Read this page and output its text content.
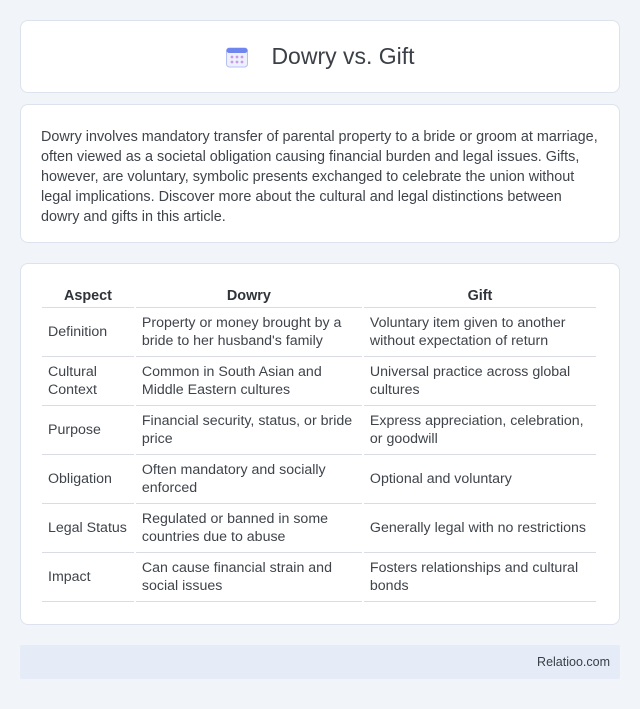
Dowry vs. Gift

Dowry involves mandatory transfer of parental property to a bride or groom at marriage, often viewed as a societal obligation causing financial burden and legal issues. Gifts, however, are voluntary, symbolic presents exchanged to celebrate the union without legal implications. Discover more about the cultural and legal distinctions between dowry and gifts in this article.

Aspect	Dowry	Gift
Definition	Property or money brought by a bride to her husband's family	Voluntary item given to another without expectation of return
Cultural Context	Common in South Asian and Middle Eastern cultures	Universal practice across global cultures
Purpose	Financial security, status, or bride price	Express appreciation, celebration, or goodwill
Obligation	Often mandatory and socially enforced	Optional and voluntary
Legal Status	Regulated or banned in some countries due to abuse	Generally legal with no restrictions
Impact	Can cause financial strain and social issues	Fosters relationships and cultural bonds
Relatioo.com
